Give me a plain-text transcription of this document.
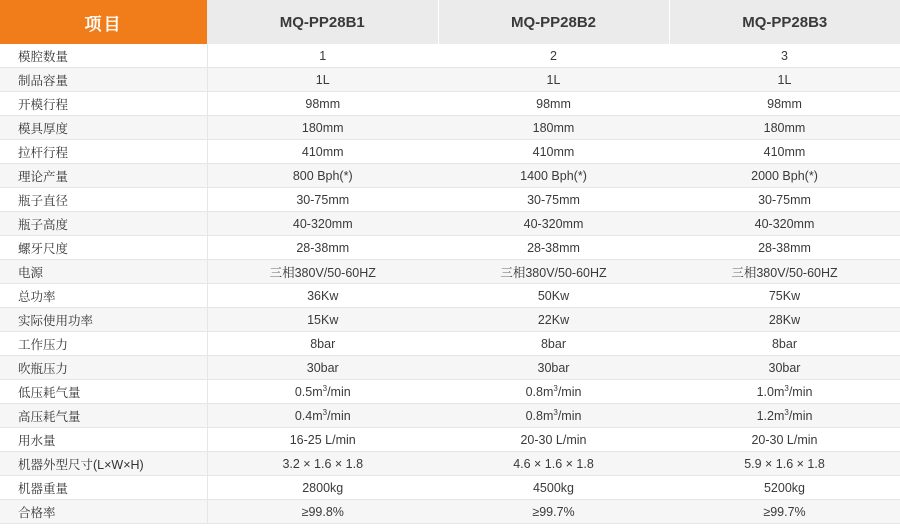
项目	MQ-PP28B1	MQ-PP28B2	MQ-PP28B3
模腔数量	1	2	3
制品容量	1L	1L	1L
开模行程	98mm	98mm	98mm
模具厚度	180mm	180mm	180mm
拉杆行程	410mm	410mm	410mm
理论产量	800 Bph(*)	1400 Bph(*)	2000 Bph(*)
瓶子直径	30-75mm	30-75mm	30-75mm
瓶子高度	40-320mm	40-320mm	40-320mm
螺牙尺度	28-38mm	28-38mm	28-38mm
电源	三相380V/50-60HZ	三相380V/50-60HZ	三相380V/50-60HZ
总功率	36Kw	50Kw	75Kw
实际使用功率	15Kw	22Kw	28Kw
工作压力	8bar	8bar	8bar
吹瓶压力	30bar	30bar	30bar
低压耗气量	$0.5m^3/\min$	$0.8m^3/\min$	$1.0m^3/\min$
高压耗气量	$0.4m^3/\min$	$0.8m^3/\min$	$1.2m^3/\min$
用水量	16-25 L/min	20-30 L/min	20-30 L/min
机器外型尺寸(L×W×H)	3.2 × 1.6 × 1.8	4.6 × 1.6 × 1.8	5.9 × 1.6 × 1.8
机器重量	2800kg	4500kg	5200kg
合格率	≥99.8%	≥99.7%	≥99.7%
